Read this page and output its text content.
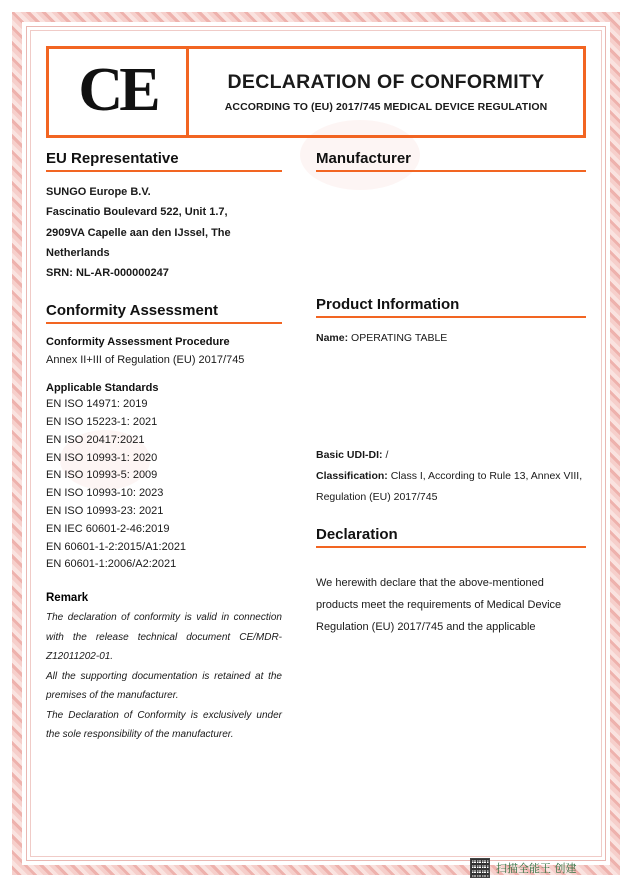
CE	DECLARATION OF CONFORMITY
ACCORDING TO (EU) 2017/745 MEDICAL DEVICE REGULATION
EU Representative
SUNGO Europe B.V.
Fascinatio Boulevard 522, Unit 1.7,
2909VA Capelle aan den IJssel, The
Netherlands
SRN: NL-AR-000000247
Conformity Assessment
Conformity Assessment Procedure
Annex II+III of Regulation (EU) 2017/745
Applicable Standards
EN ISO 14971: 2019
EN ISO 15223-1: 2021
EN ISO 20417:2021
EN ISO 10993-1: 2020
EN ISO 10993-5: 2009
EN ISO 10993-10: 2023
EN ISO 10993-23: 2021
EN IEC 60601-2-46:2019
EN 60601-1-2:2015/A1:2021
EN 60601-1:2006/A2:2021
Remark

The declaration of conformity is valid in connection with the release technical document CE/MDR-Z12011202-01.

All the supporting documentation is retained at the premises of the manufacturer.

The Declaration of Conformity is exclusively under the sole responsibility of the manufacturer.

Manufacturer
Product Information
Name: OPERATING TABLE
Basic UDI-DI: /
Classification: Class I, According to Rule 13, Annex VIII, Regulation (EU) 2017/745
Declaration
We herewith declare that the above-mentioned products meet the requirements of Medical Device Regulation (EU) 2017/745 and the applicable
扫描全能王 创建
